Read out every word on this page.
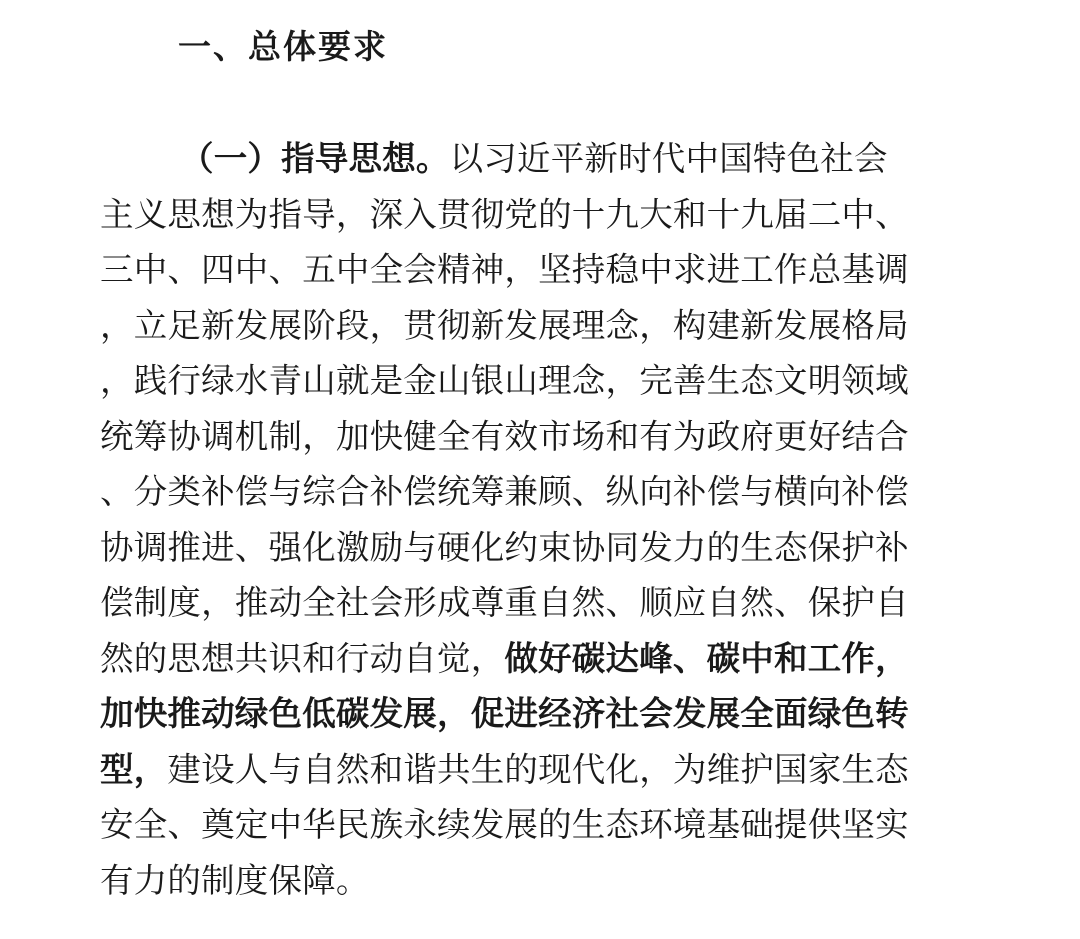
一、总体要求
（一）指导思想。以习近平新时代中国特色社会
主义思想为指导，深入贯彻党的十九大和十九届二中、
三中、四中、五中全会精神，坚持稳中求进工作总基调
，立足新发展阶段，贯彻新发展理念，构建新发展格局
，践行绿水青山就是金山银山理念，完善生态文明领域
统筹协调机制，加快健全有效市场和有为政府更好结合
、分类补偿与综合补偿统筹兼顾、纵向补偿与横向补偿
协调推进、强化激励与硬化约束协同发力的生态保护补
偿制度，推动全社会形成尊重自然、顺应自然、保护自
然的思想共识和行动自觉，做好碳达峰、碳中和工作，
加快推动绿色低碳发展，促进经济社会发展全面绿色转
型，建设人与自然和谐共生的现代化，为维护国家生态
安全、奠定中华民族永续发展的生态环境基础提供坚实
有力的制度保障。
